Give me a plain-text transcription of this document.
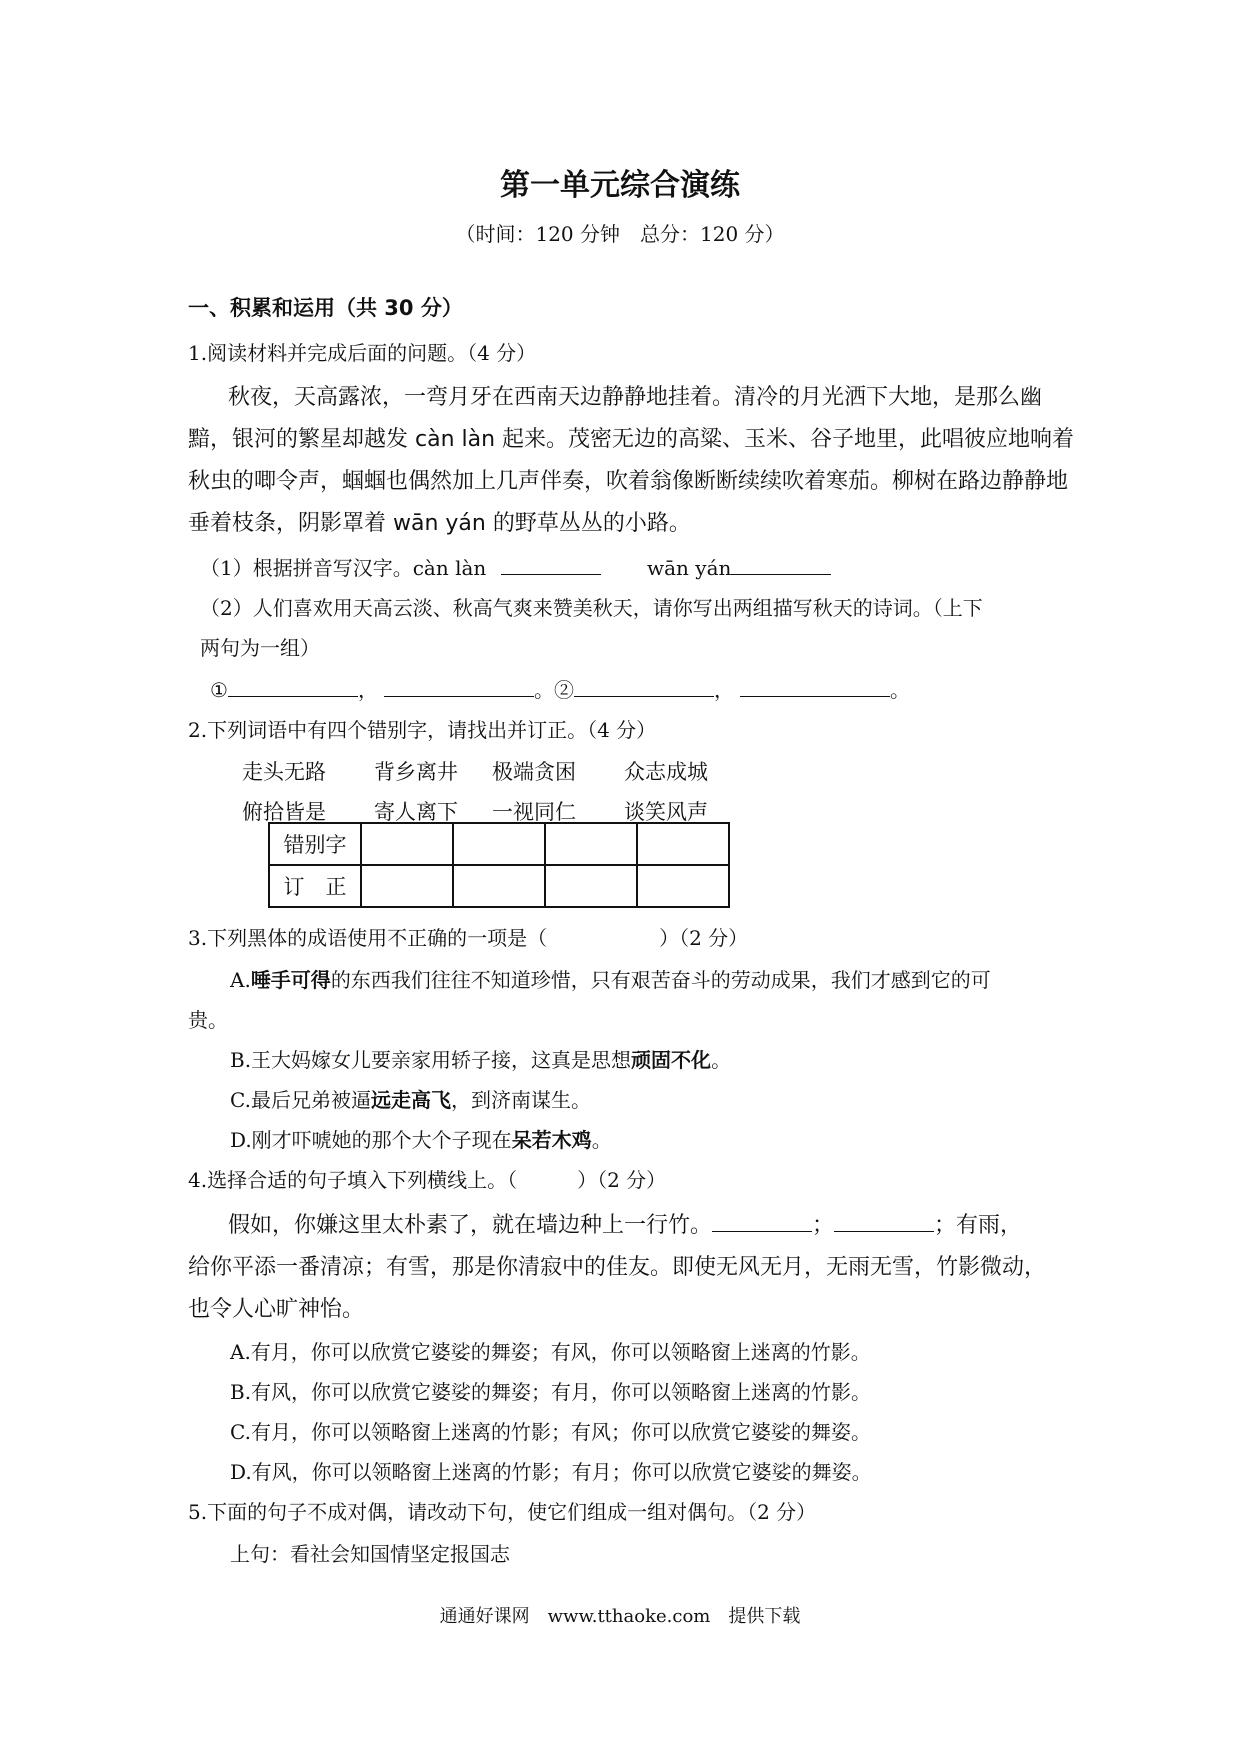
第一单元综合演练
（时间：120 分钟　总分：120 分）
一、积累和运用（共 30 分）
1.阅读材料并完成后面的问题。（4 分）
秋夜，天高露浓，一弯月牙在西南天边静静地挂着。清冷的月光洒下大地，是那么幽
黯，银河的繁星却越发 càn làn 起来。茂密无边的高粱、玉米、谷子地里，此唱彼应地响着
秋虫的唧令声，蝈蝈也偶然加上几声伴奏，吹着翁像断断续续吹着寒茄。柳树在路边静静地
垂着枝条，阴影罩着 wān yán 的野草丛丛的小路。
（1）根据拼音写汉字。càn làn	wān yán
（2）人们喜欢用天高云淡、秋高气爽来赞美秋天，请你写出两组描写秋天的诗词。（上下
两句为一组）
①	，	。②	，	。
2.下列词语中有四个错别字，请找出并订正。（4 分）
走头无路 背乡离井 极端贪困 众志成城
俯拾皆是 寄人离下 一视同仁 谈笑风声
错别字				
订　正				
3.下列黑体的成语使用不正确的一项是（	）（2 分）
A.唾手可得的东西我们往往不知道珍惜，只有艰苦奋斗的劳动成果，我们才感到它的可
贵。
B.王大妈嫁女儿要亲家用轿子接，这真是思想顽固不化。
C.最后兄弟被逼远走高飞，到济南谋生。
D.刚才吓唬她的那个大个子现在呆若木鸡。
4.选择合适的句子填入下列横线上。（　　　）（2 分）
假如，你嫌这里太朴素了，就在墙边种上一行竹。	；	；有雨，
给你平添一番清凉；有雪，那是你清寂中的佳友。即使无风无月，无雨无雪，竹影微动，
也令人心旷神怡。
A.有月，你可以欣赏它婆娑的舞姿；有风，你可以领略窗上迷离的竹影。
B.有风，你可以欣赏它婆娑的舞姿；有月，你可以领略窗上迷离的竹影。
C.有月，你可以领略窗上迷离的竹影；有风；你可以欣赏它婆娑的舞姿。
D.有风，你可以领略窗上迷离的竹影；有月；你可以欣赏它婆娑的舞姿。
5.下面的句子不成对偶，请改动下句，使它们组成一组对偶句。（2 分）
上句：看社会知国情坚定报国志
通通好课网　www.tthaoke.com　提供下载
